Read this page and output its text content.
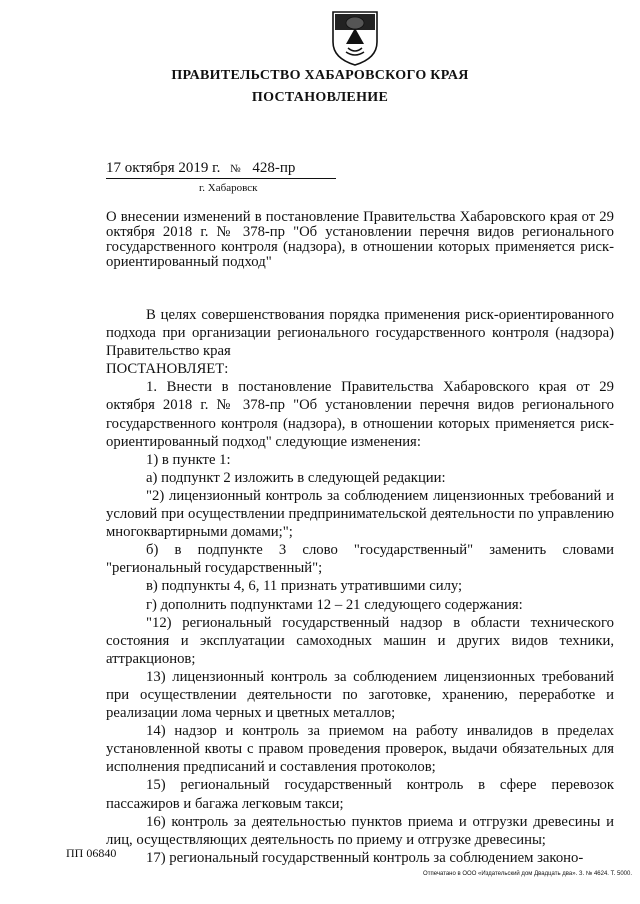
ПРАВИТЕЛЬСТВО ХАБАРОВСКОГО КРАЯ
ПОСТАНОВЛЕНИЕ
17 октября 2019 г. № 428-пр
г. Хабаровск
О внесении изменений в постановление Правительства Хабаровского края от 29 октября 2018 г. № 378-пр "Об установлении перечня видов регионального государственного контроля (надзора), в отношении которых применяется риск-ориентированный подход"

В целях совершенствования порядка применения риск-ориентированного подхода при организации регионального государственного контроля (надзора) Правительство края

ПОСТАНОВЛЯЕТ:

1. Внести в постановление Правительства Хабаровского края от 29 октября 2018 г. № 378-пр "Об установлении перечня видов регионального государственного контроля (надзора), в отношении которых применяется риск-ориентированный подход" следующие изменения:

1) в пункте 1:

а) подпункт 2 изложить в следующей редакции:

"2) лицензионный контроль за соблюдением лицензионных требований и условий при осуществлении предпринимательской деятельности по управлению многоквартирными домами;";

б) в подпункте 3 слово "государственный" заменить словами "региональный государственный";

в) подпункты 4, 6, 11 признать утратившими силу;

г) дополнить подпунктами 12 – 21 следующего содержания:

"12) региональный государственный надзор в области технического состояния и эксплуатации самоходных машин и других видов техники, аттракционов;

13) лицензионный контроль за соблюдением лицензионных требований при осуществлении деятельности по заготовке, хранению, переработке и реализации лома черных и цветных металлов;

14) надзор и контроль за приемом на работу инвалидов в пределах установленной квоты с правом проведения проверок, выдачи обязательных для исполнения предписаний и составления протоколов;

15) региональный государственный контроль в сфере перевозок пассажиров и багажа легковым такси;

16) контроль за деятельностью пунктов приема и отгрузки древесины и лиц, осуществляющих деятельность по приему и отгрузке древесины;

17) региональный государственный контроль за соблюдением законо-

ПП 06840
Отпечатано в ООО «Издательский дом Двадцать два». З. № 4624. Т. 5000.
